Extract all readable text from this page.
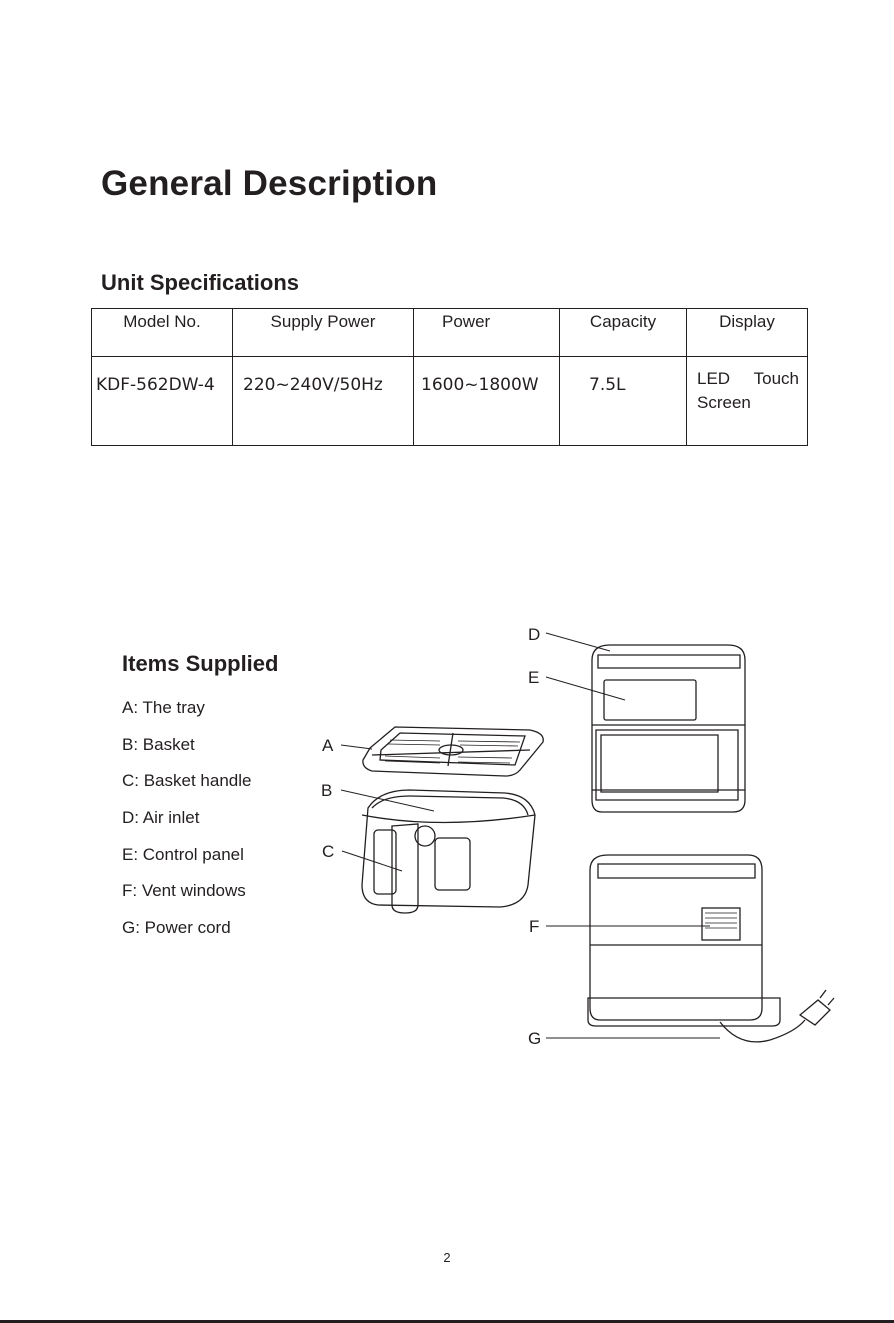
General Description
Unit Specifications
Model No.	Supply Power	Power	Capacity	Display

KDF-562DW-4	220~240V/50Hz	1600~1800W	7.5L	LED Touch Screen
Items Supplied
A: The tray
B: Basket
C: Basket handle
D: Air inlet
E: Control panel
F: Vent windows
G: Power cord
A
B
C
D
E
F
G
2
